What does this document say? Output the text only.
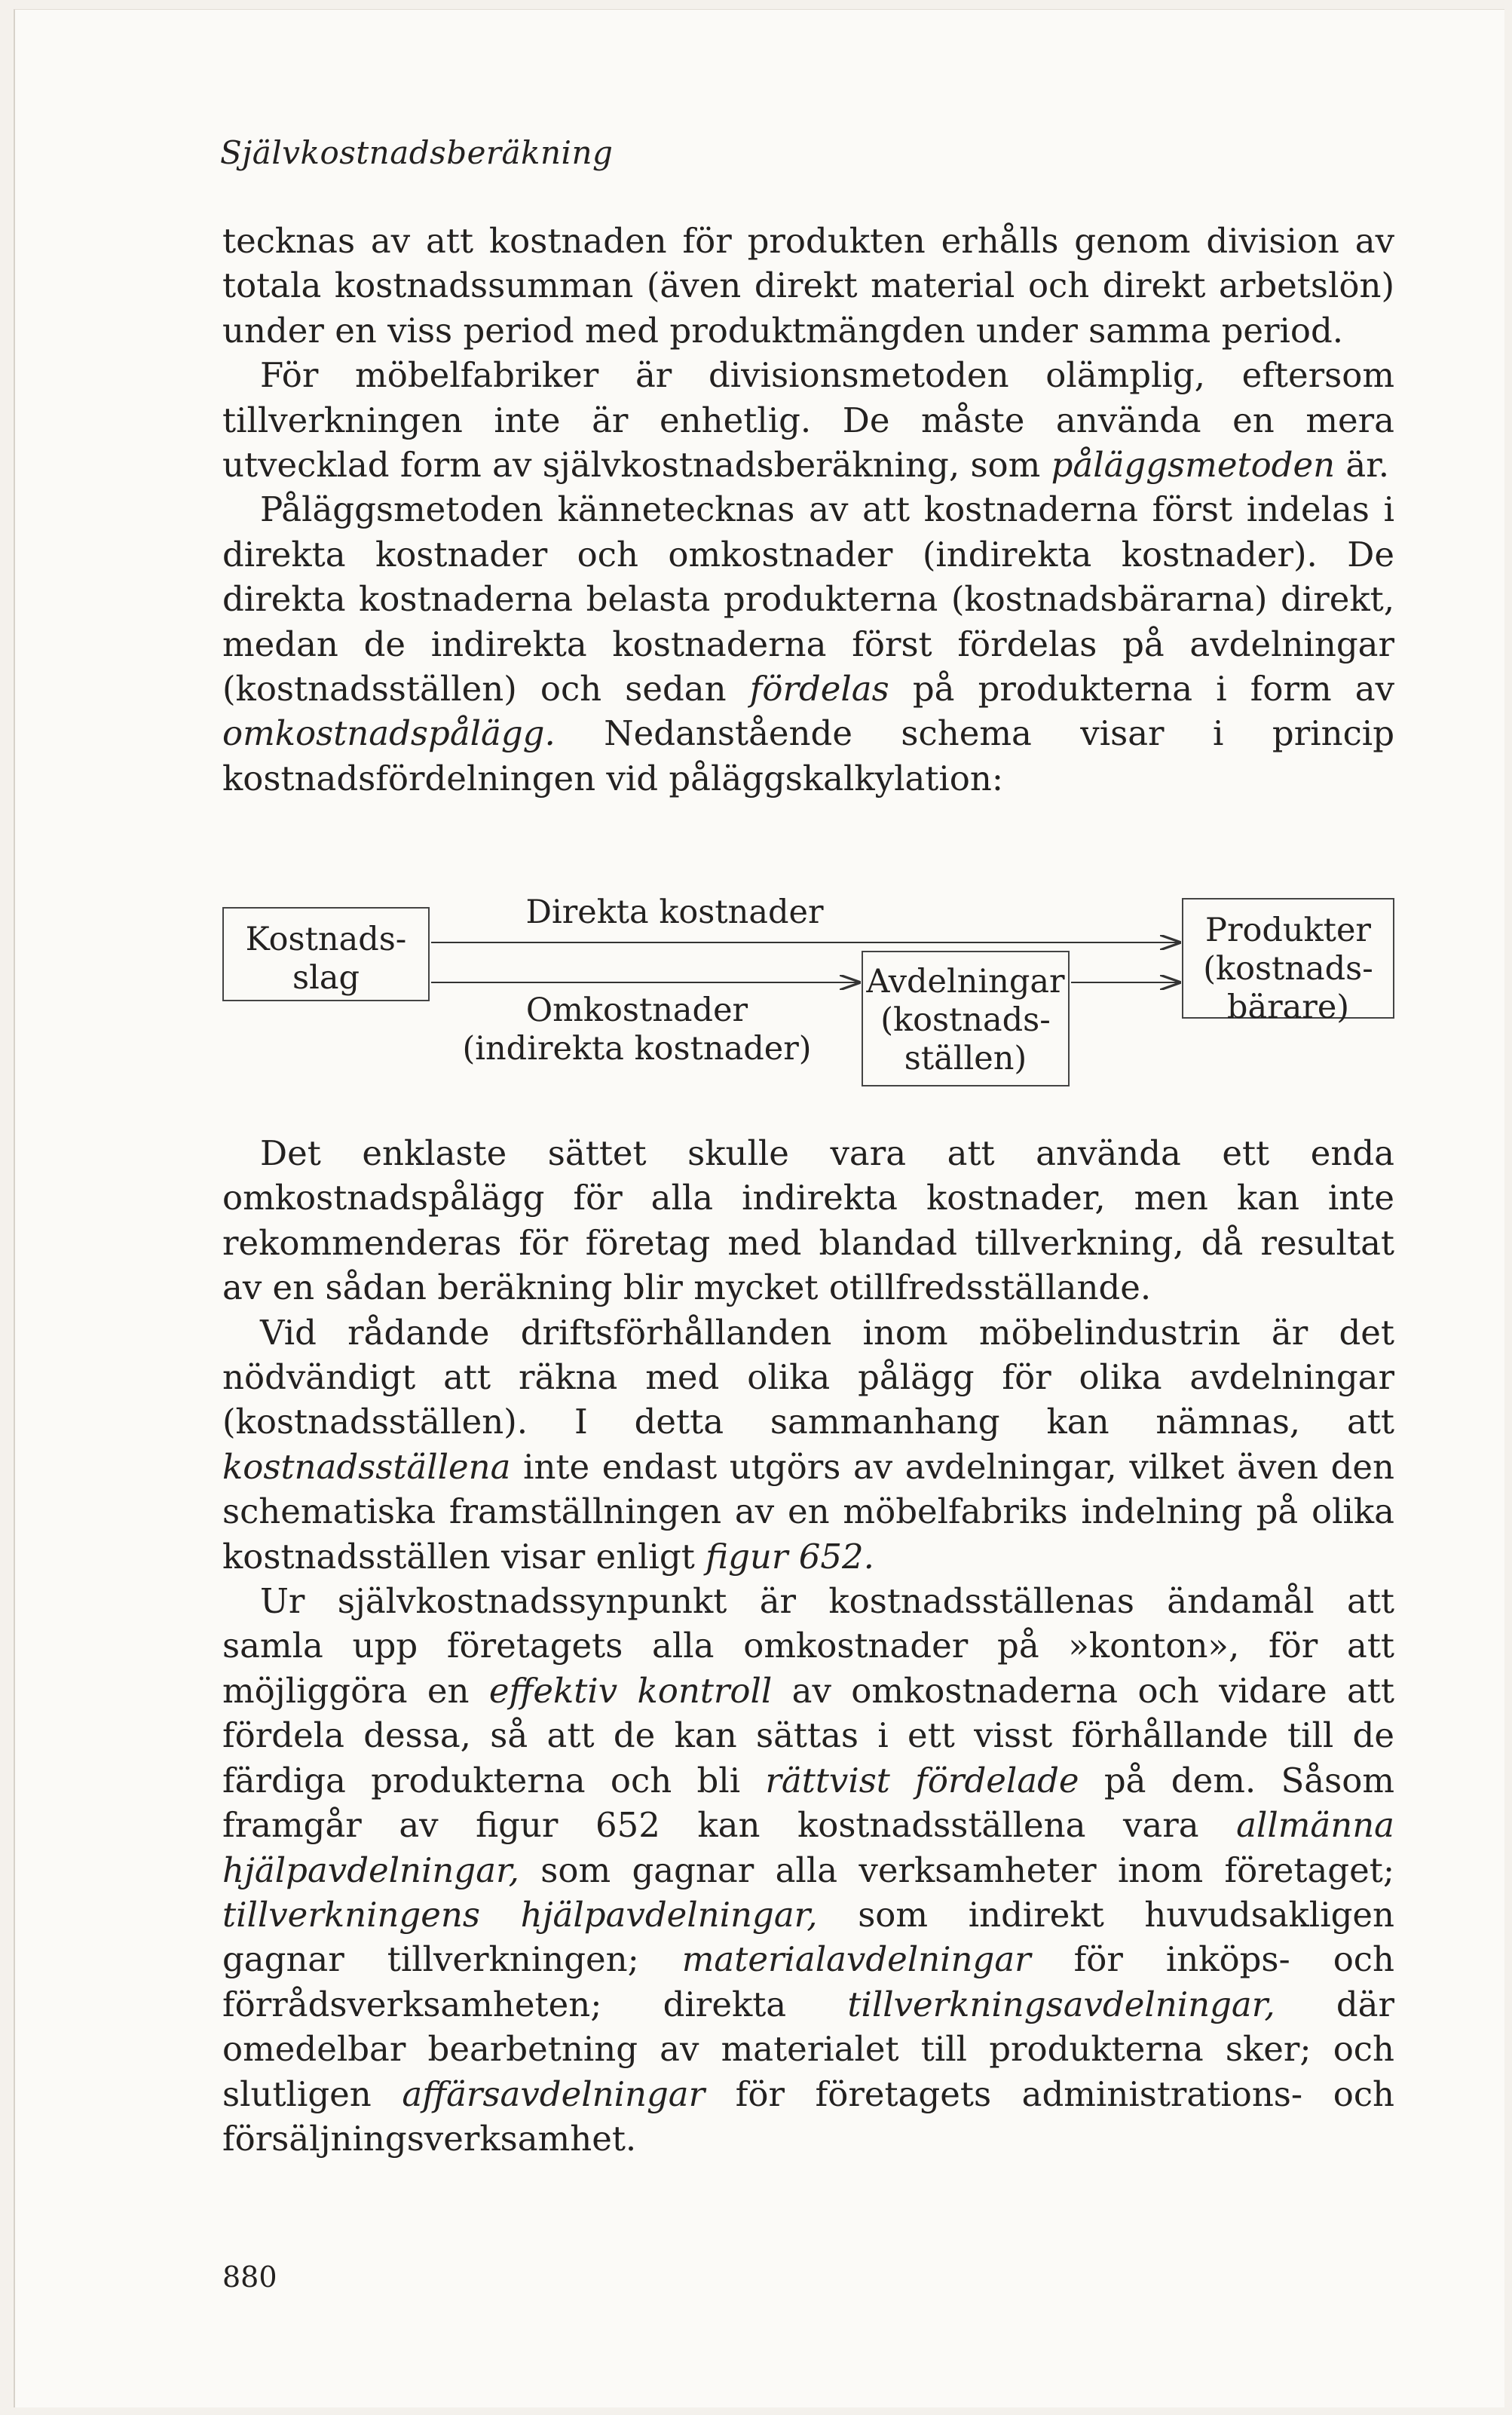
Självkostnadsberäkning

tecknas av att kostnaden för produkten erhålls genom division av totala kostnadssumman (även direkt material och direkt arbetslön) under en viss period med produktmängden under samma period.

För möbelfabriker är divisionsmetoden olämplig, eftersom tillverkningen inte är enhetlig. De måste använda en mera utvecklad form av självkostnadsberäkning, som påläggsmetoden är.

Påläggsmetoden kännetecknas av att kostnaderna först indelas i direkta kostnader och omkostnader (indirekta kostnader). De direkta kostnaderna belasta produkterna (kostnadsbärarna) direkt, medan de indirekta kostnaderna först fördelas på avdelningar (kostnadsställen) och sedan fördelas på produkterna i form av omkostnadspålägg. Nedanstående schema visar i princip kostnadsfördelningen vid påläggskalkylation:

Kostnads-
slag
Direkta kostnader
Omkostnader
(indirekta kostnader)
Avdelningar
(kostnads-
ställen)
Produkter
(kostnads-
bärare)

Det enklaste sättet skulle vara att använda ett enda omkostnadspålägg för alla indirekta kostnader, men kan inte rekommenderas för företag med blandad tillverkning, då resultat av en sådan beräkning blir mycket otillfredsställande.

Vid rådande driftsförhållanden inom möbelindustrin är det nödvändigt att räkna med olika pålägg för olika avdelningar (kostnadsställen). I detta sammanhang kan nämnas, att kostnadsställena inte endast utgörs av avdelningar, vilket även den schematiska framställningen av en möbelfabriks indelning på olika kostnadsställen visar enligt figur 652.

Ur självkostnadssynpunkt är kostnadsställenas ändamål att samla upp företagets alla omkostnader på »konton», för att möjliggöra en effektiv kontroll av omkostnaderna och vidare att fördela dessa, så att de kan sättas i ett visst förhållande till de färdiga produkterna och bli rättvist fördelade på dem. Såsom framgår av figur 652 kan kostnadsställena vara allmänna hjälpavdelningar, som gagnar alla verksamheter inom företaget; tillverkningens hjälpavdelningar, som indirekt huvudsakligen gagnar tillverkningen; materialavdelningar för inköps- och förrådsverksamheten; direkta tillverkningsavdelningar, där omedelbar bearbetning av materialet till produkterna sker; och slutligen affärsavdelningar för företagets administrations- och försäljningsverksamhet.

880
